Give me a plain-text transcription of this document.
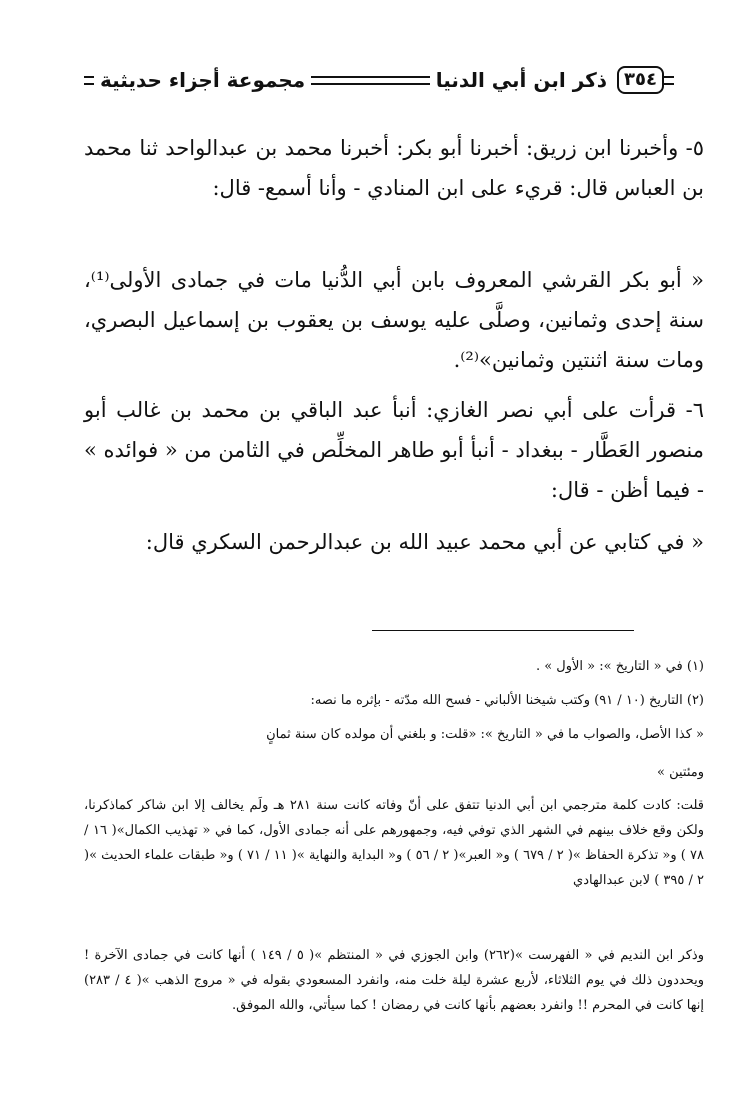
٣٥٤
ذكر ابن أبي الدنيا
مجموعة أجزاء حديثية

٥- وأخبرنا ابن زريق: أخبرنا أبو بكر: أخبرنا محمد بن عبدالواحد ثنا محمد بن العباس قال: قريء على ابن المنادي - وأنا أسمع- قال:

« أبو بكر القرشي المعروف بابن أبي الدُّنيا مات في جمادى الأولى⁽¹⁾، سنة إحدى وثمانين، وصلَّى عليه يوسف بن يعقوب بن إسماعيل البصري، ومات سنة اثنتين وثمانين»⁽²⁾.

٦- قرأت على أبي نصر الغازي: أنبأ عبد الباقي بن محمد بن غالب أبو منصور العَطَّار - ببغداد - أنبأ أبو طاهر المخلِّص في الثامن من « فوائده » - فيما أظن - قال:

« في كتابي عن أبي محمد عبيد الله بن عبدالرحمن السكري قال:

(١) في « التاريخ »: « الأول » .

(٢) التاريخ (١٠ / ٩١) وكتب شيخنا الألباني - فسح الله مدّته - بإثره ما نصه:

« كذا الأصل، والصواب ما في « التاريخ »: «قلت: و بلغني أن مولده كان سنة ثمانٍ

ومئتين »

قلت: كادت كلمة مترجمي ابن أبي الدنيا تتفق على أنّ وفاته كانت سنة ٢٨١ هـ ولَم يخالف إلا ابن شاكر كماذكرنا، ولكن وقع خلاف بينهم في الشهر الذي توفي فيه، وجمهورهم على أنه جمادى الأول، كما في « تهذيب الكمال»( ١٦ / ٧٨ ) و« تذكرة الحفاظ »( ٢ / ٦٧٩ ) و« العبر»( ٢ / ٥٦ ) و« البداية والنهاية »( ١١ / ٧١ ) و« طبقات علماء الحديث »( ٢ / ٣٩٥ ) لابن عبدالهادي

وذكر ابن النديم في « الفهرست »(٢٦٢) وابن الجوزي في « المنتظم »( ٥ / ١٤٩ ) أنها كانت في جمادى الآخرة ! ويحددون ذلك في يوم الثلاثاء، لأربع عشرة ليلة خلت منه، وانفرد المسعودي بقوله في « مروج الذهب »( ٤ / ٢٨٣) إنها كانت في المحرم !! وانفرد بعضهم بأنها كانت في رمضان ! كما سيأتي، والله الموفق.
